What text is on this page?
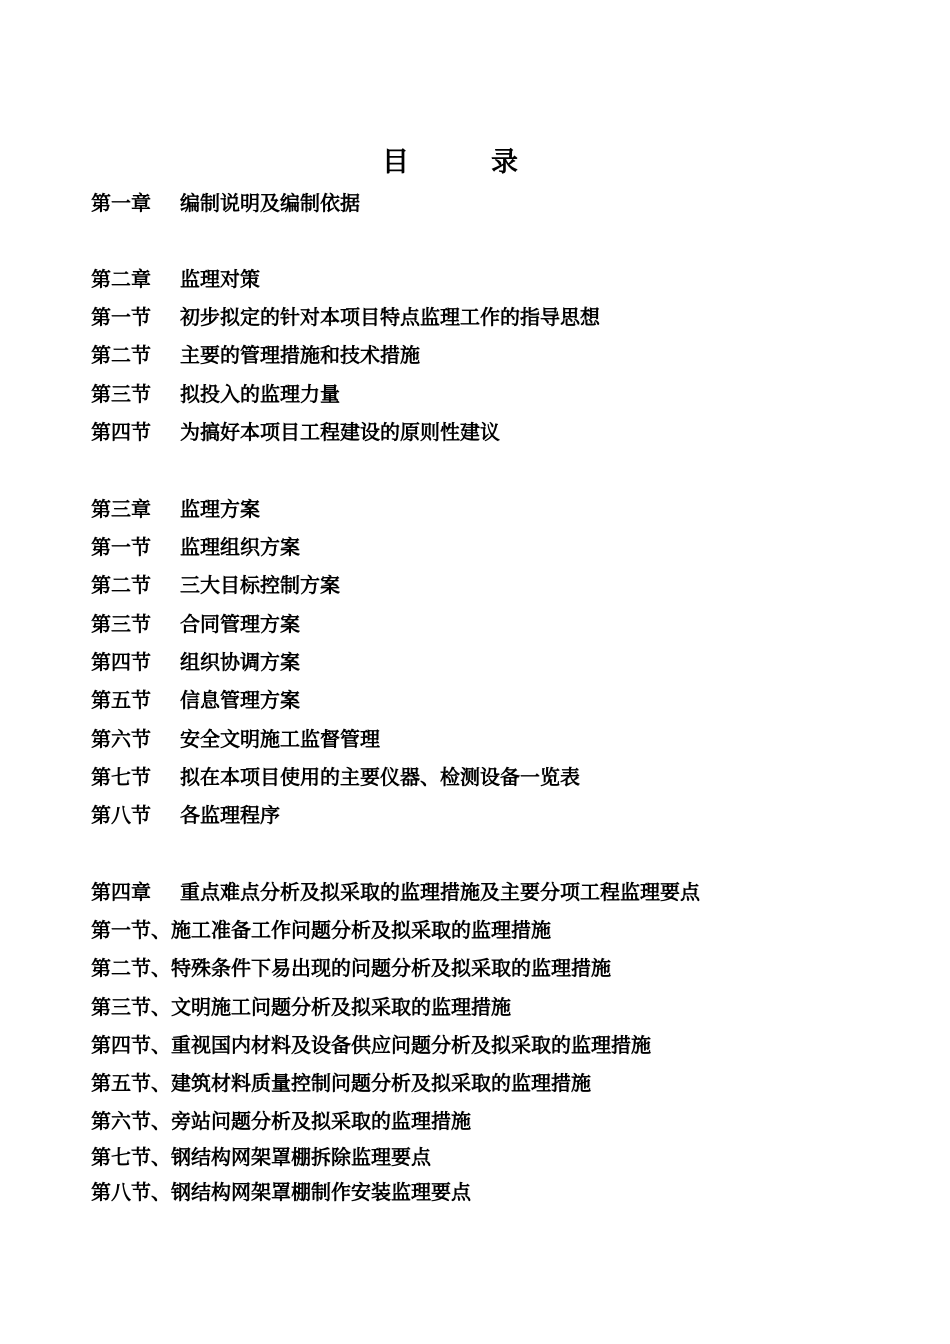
目	录
第一章 编制说明及编制依据
第二章 监理对策
第一节 初步拟定的针对本项目特点监理工作的指导思想
第二节 主要的管理措施和技术措施
第三节 拟投入的监理力量
第四节 为搞好本项目工程建设的原则性建议
第三章 监理方案
第一节 监理组织方案
第二节 三大目标控制方案
第三节 合同管理方案
第四节 组织协调方案
第五节 信息管理方案
第六节 安全文明施工监督管理
第七节 拟在本项目使用的主要仪器、检测设备一览表
第八节 各监理程序
第四章 重点难点分析及拟采取的监理措施及主要分项工程监理要点
第一节、施工准备工作问题分析及拟采取的监理措施
第二节、特殊条件下易出现的问题分析及拟采取的监理措施
第三节、文明施工问题分析及拟采取的监理措施
第四节、重视国内材料及设备供应问题分析及拟采取的监理措施
第五节、建筑材料质量控制问题分析及拟采取的监理措施
第六节、旁站问题分析及拟采取的监理措施
第七节、钢结构网架罩棚拆除监理要点
第八节、钢结构网架罩棚制作安装监理要点
